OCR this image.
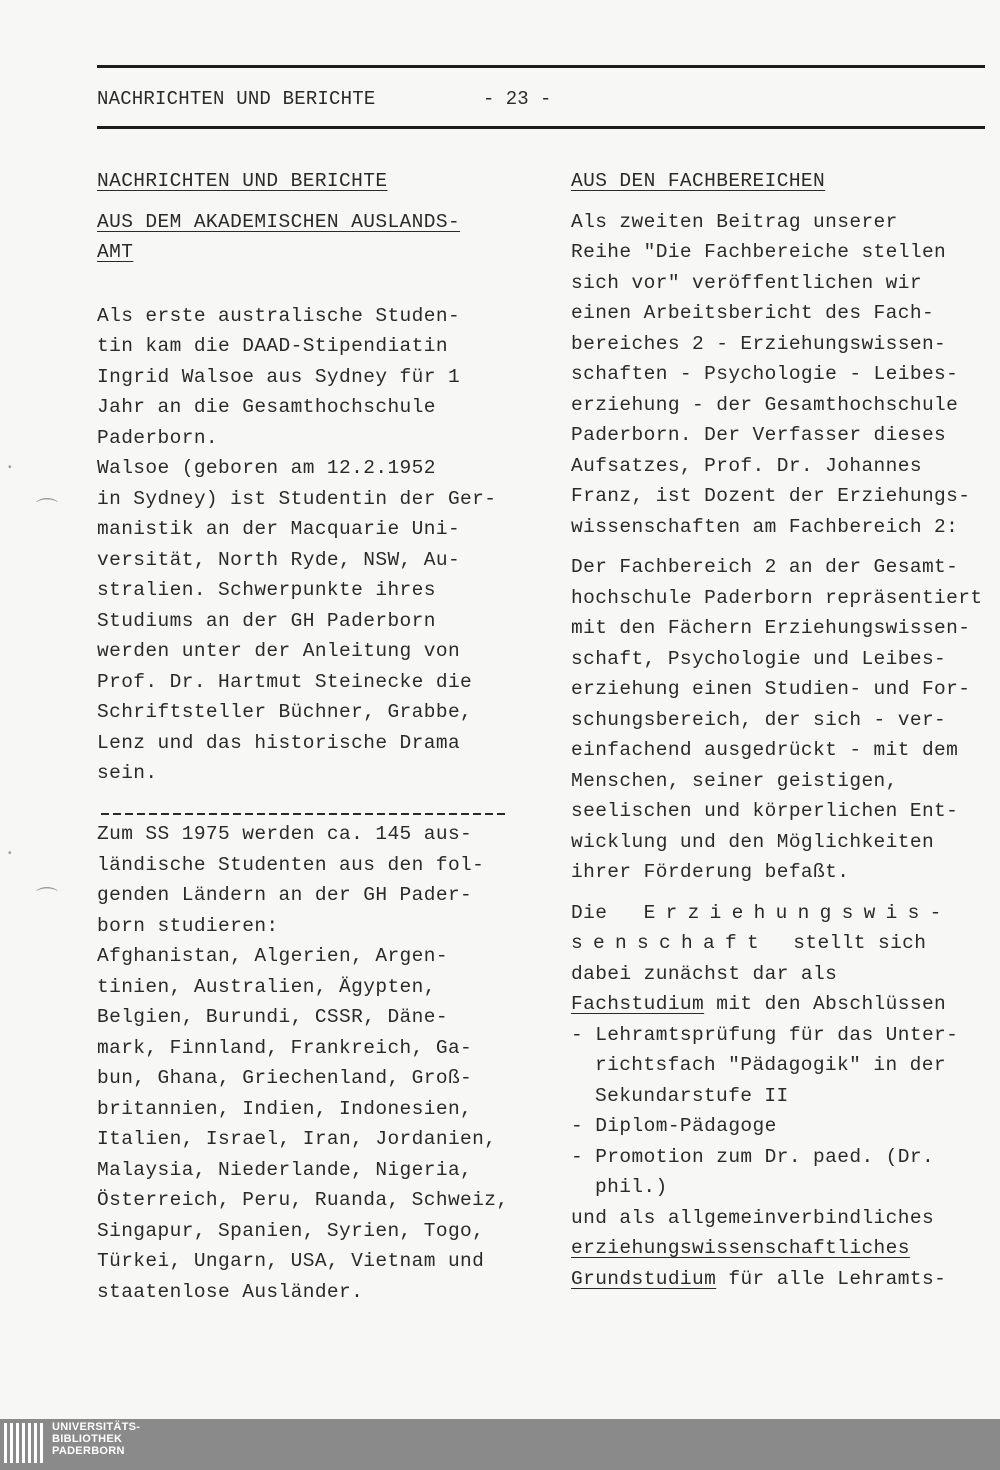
NACHRICHTEN UND BERICHTE	- 23 -
NACHRICHTEN UND BERICHTE
AUS DEM AKADEMISCHEN AUSLANDS-
AMT
Als erste australische Studen-
tin kam die DAAD-Stipendiatin
Ingrid Walsoe aus Sydney für 1
Jahr an die Gesamthochschule
Paderborn.
Walsoe (geboren am 12.2.1952
in Sydney) ist Studentin der Ger-
manistik an der Macquarie Uni-
versität, North Ryde, NSW, Au-
stralien. Schwerpunkte ihres
Studiums an der GH Paderborn
werden unter der Anleitung von
Prof. Dr. Hartmut Steinecke die
Schriftsteller Büchner, Grabbe,
Lenz und das historische Drama
sein.
Zum SS 1975 werden ca. 145 aus-
ländische Studenten aus den fol-
genden Ländern an der GH Pader-
born studieren:
Afghanistan, Algerien, Argen-
tinien, Australien, Ägypten,
Belgien, Burundi, CSSR, Däne-
mark, Finnland, Frankreich, Ga-
bun, Ghana, Griechenland, Groß-
britannien, Indien, Indonesien,
Italien, Israel, Iran, Jordanien,
Malaysia, Niederlande, Nigeria,
Österreich, Peru, Ruanda, Schweiz,
Singapur, Spanien, Syrien, Togo,
Türkei, Ungarn, USA, Vietnam und
staatenlose Ausländer.
AUS DEN FACHBEREICHEN
Als zweiten Beitrag unserer
Reihe "Die Fachbereiche stellen
sich vor" veröffentlichen wir
einen Arbeitsbericht des Fach-
bereiches 2 - Erziehungswissen-
schaften - Psychologie - Leibes-
erziehung - der Gesamthochschule
Paderborn. Der Verfasser dieses
Aufsatzes, Prof. Dr. Johannes
Franz, ist Dozent der Erziehungs-
wissenschaften am Fachbereich 2:
Der Fachbereich 2 an der Gesamt-
hochschule Paderborn repräsentiert
mit den Fächern Erziehungswissen-
schaft, Psychologie und Leibes-
erziehung einen Studien- und For-
schungsbereich, der sich - ver-
einfachend ausgedrückt - mit dem
Menschen, seiner geistigen,
seelischen und körperlichen Ent-
wicklung und den Möglichkeiten
ihrer Förderung befaßt.
Die Erziehungswis-
senschaft stellt sich
dabei zunächst dar als
Fachstudium mit den Abschlüssen
- Lehramtsprüfung für das Unter-
richtsfach "Pädagogik" in der
Sekundarstufe II
- Diplom-Pädagoge
- Promotion zum Dr. paed. (Dr.
phil.)
und als allgemeinverbindliches
erziehungswissenschaftliches
Grundstudium für alle Lehramts-
•
⌒
•
⌒
UNIVERSITÄTS-
BIBLIOTHEK
PADERBORN
